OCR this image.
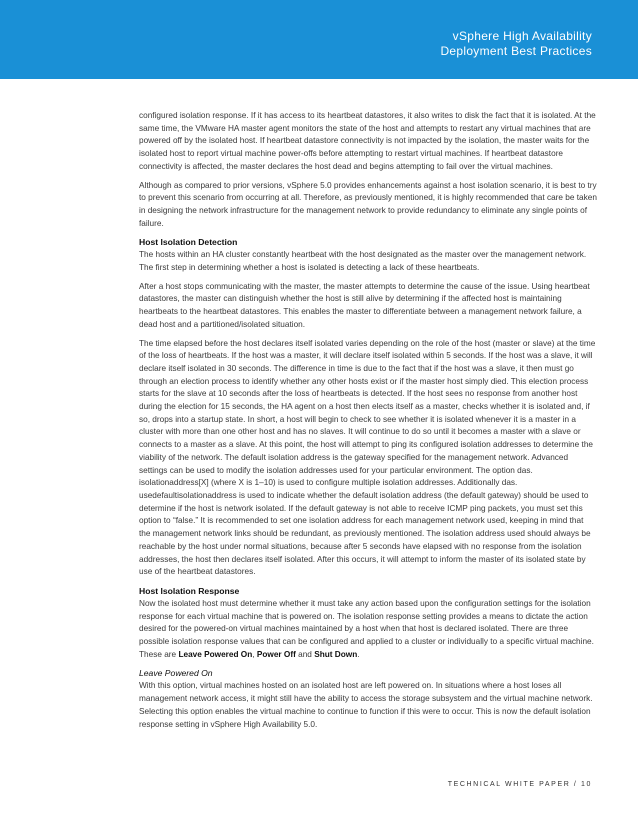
vSphere High Availability
Deployment Best Practices

configured isolation response. If it has access to its heartbeat datastores, it also writes to disk the fact that it is isolated. At the same time, the VMware HA master agent monitors the state of the host and attempts to restart any virtual machines that are powered off by the isolated host. If heartbeat datastore connectivity is not impacted by the isolation, the master waits for the isolated host to report virtual machine power-offs before attempting to restart virtual machines. If heartbeat datastore connectivity is affected, the master declares the host dead and begins attempting to fail over the virtual machines.

Although as compared to prior versions, vSphere 5.0 provides enhancements against a host isolation scenario, it is best to try to prevent this scenario from occurring at all. Therefore, as previously mentioned, it is highly recommended that care be taken in designing the network infrastructure for the management network to provide redundancy to eliminate any single points of failure.

Host Isolation Detection

The hosts within an HA cluster constantly heartbeat with the host designated as the master over the management network. The first step in determining whether a host is isolated is detecting a lack of these heartbeats.

After a host stops communicating with the master, the master attempts to determine the cause of the issue. Using heartbeat datastores, the master can distinguish whether the host is still alive by determining if the affected host is maintaining heartbeats to the heartbeat datastores. This enables the master to differentiate between a management network failure, a dead host and a partitioned/isolated situation.

The time elapsed before the host declares itself isolated varies depending on the role of the host (master or slave) at the time of the loss of heartbeats. If the host was a master, it will declare itself isolated within 5 seconds. If the host was a slave, it will declare itself isolated in 30 seconds. The difference in time is due to the fact that if the host was a slave, it then must go through an election process to identify whether any other hosts exist or if the master host simply died. This election process starts for the slave at 10 seconds after the loss of heartbeats is detected. If the host sees no response from another host during the election for 15 seconds, the HA agent on a host then elects itself as a master, checks whether it is isolated and, if so, drops into a startup state. In short, a host will begin to check to see whether it is isolated whenever it is a master in a cluster with more than one other host and has no slaves. It will continue to do so until it becomes a master with a slave or connects to a master as a slave. At this point, the host will attempt to ping its configured isolation addresses to determine the viability of the network. The default isolation address is the gateway specified for the management network. Advanced settings can be used to modify the isolation addresses used for your particular environment. The option das. isolationaddress[X] (where X is 1–10) is used to configure multiple isolation addresses. Additionally das. usedefaultisolationaddress is used to indicate whether the default isolation address (the default gateway) should be used to determine if the host is network isolated. If the default gateway is not able to receive ICMP ping packets, you must set this option to “false.” It is recommended to set one isolation address for each management network used, keeping in mind that the management network links should be redundant, as previously mentioned. The isolation address used should always be reachable by the host under normal situations, because after 5 seconds have elapsed with no response from the isolation addresses, the host then declares itself isolated. After this occurs, it will attempt to inform the master of its isolated state by use of the heartbeat datastores.

Host Isolation Response

Now the isolated host must determine whether it must take any action based upon the configuration settings for the isolation response for each virtual machine that is powered on. The isolation response setting provides a means to dictate the action desired for the powered-on virtual machines maintained by a host when that host is declared isolated. There are three possible isolation response values that can be configured and applied to a cluster or individually to a specific virtual machine. These are Leave Powered On, Power Off and Shut Down.

Leave Powered On

With this option, virtual machines hosted on an isolated host are left powered on. In situations where a host loses all management network access, it might still have the ability to access the storage subsystem and the virtual machine network. Selecting this option enables the virtual machine to continue to function if this were to occur. This is now the default isolation response setting in vSphere High Availability 5.0.

TECHNICAL WHITE PAPER / 10
